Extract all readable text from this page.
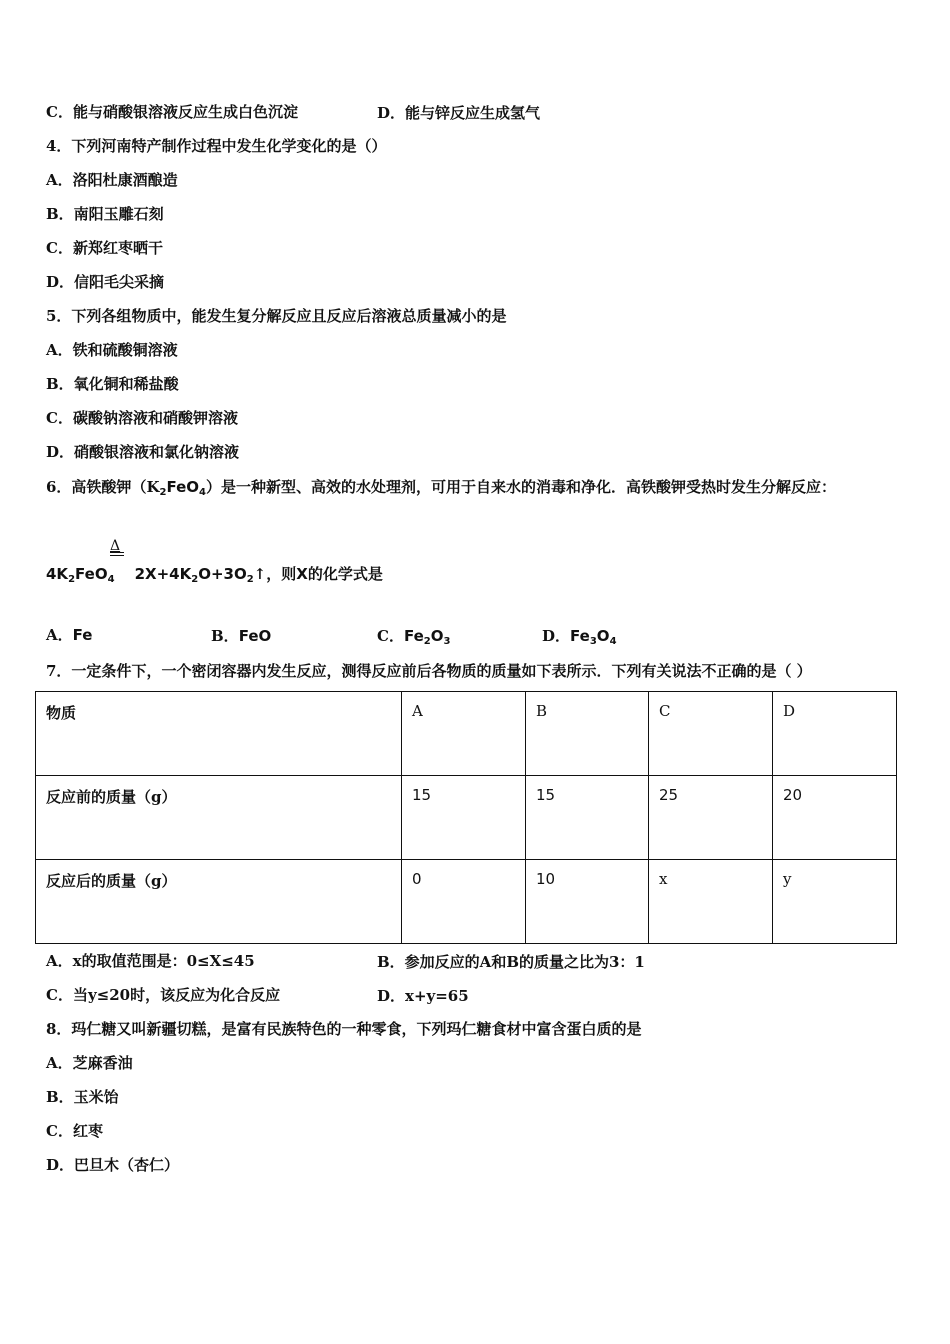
C．能与硝酸银溶液反应生成白色沉淀	D．能与锌反应生成氢气
4．下列河南特产制作过程中发生化学变化的是（）
A．洛阳杜康酒酿造
B．南阳玉雕石刻
C．新郑红枣晒干
D．信阳毛尖采摘
5．下列各组物质中，能发生复分解反应且反应后溶液总质量减小的是
A．铁和硫酸铜溶液
B．氧化铜和稀盐酸
C．碳酸钠溶液和硝酸钾溶液
D．硝酸银溶液和氯化钠溶液
6．高铁酸钾$(K_2FeO_4)$是一种新型、高效的水处理剂，可用于自来水的消毒和净化．高铁酸钾受热时发生分解反应：
Δ
$4K_2FeO_4$ $2X+4K_2O+3O_2↑$，则X的化学式是
A．Fe	B．FeO	C．$Fe_2O_3$	D．$Fe_3O_4$
7．一定条件下，一个密闭容器内发生反应，测得反应前后各物质的质量如下表所示．下列有关说法不正确的是（ ）
物质	A	B	C	D
反应前的质量（g）	15	15	25	20
反应后的质量（g）	0	10	x	y
A．x的取值范围是：0≤X≤45	B．参加反应的A和B的质量之比为3：1
C．当y≤20时，该反应为化合反应	D．x+y=65
8．玛仁糖又叫新疆切糕，是富有民族特色的一种零食，下列玛仁糖食材中富含蛋白质的是
A．芝麻香油
B．玉米饴
C．红枣
D．巴旦木（杏仁）
